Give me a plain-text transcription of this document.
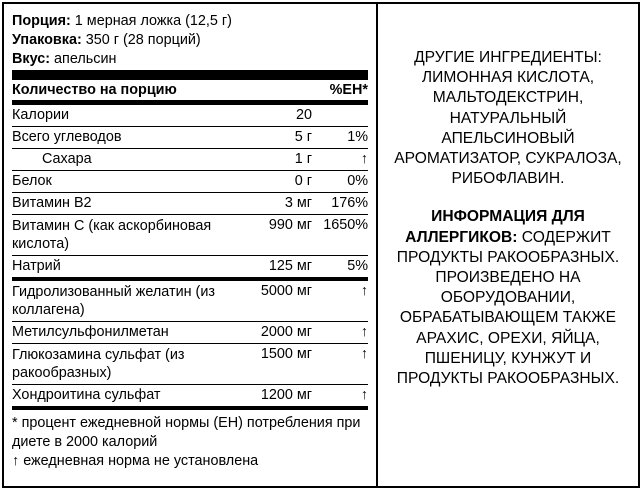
Порция: 1 мерная ложка (12,5 г)
Упаковка: 350 г (28 порций)
Вкус: апельсин
Количество на порцию	%ЕН*
Калории	20
Всего углеводов	5 г	1%
Сахара	1 г	↑
Белок	0 г	0%
Витамин B2	3 мг	176%
Витамин C (как аскорбиновая кислота)
990 мг 1650%
Натрий	125 мг	5%
Гидролизованный желатин (из коллагена)
5000 мг	↑
Метилсульфонилметан	2000 мг	↑
Глюкозамина сульфат (из ракообразных)
1500 мг	↑
Хондроитина сульфат	1200 мг	↑
* процент ежедневной нормы (ЕН) потребления при диете в 2000 калорий
↑ ежедневная норма не установлена
ДРУГИЕ ИНГРЕДИЕНТЫ: ЛИМОННАЯ КИСЛОТА, МАЛЬТОДЕКСТРИН, НАТУРАЛЬНЫЙ АПЕЛЬСИНОВЫЙ АРОМАТИЗАТОР, СУКРАЛОЗА, РИБОФЛАВИН.
ИНФОРМАЦИЯ ДЛЯ АЛЛЕРГИКОВ: СОДЕРЖИТ ПРОДУКТЫ РАКООБРАЗНЫХ. ПРОИЗВЕДЕНО НА ОБОРУДОВАНИИ, ОБРАБАТЫВАЮЩЕМ ТАКЖЕ АРАХИС, ОРЕХИ, ЯЙЦА, ПШЕНИЦУ, КУНЖУТ И ПРОДУКТЫ РАКООБРАЗНЫХ.
